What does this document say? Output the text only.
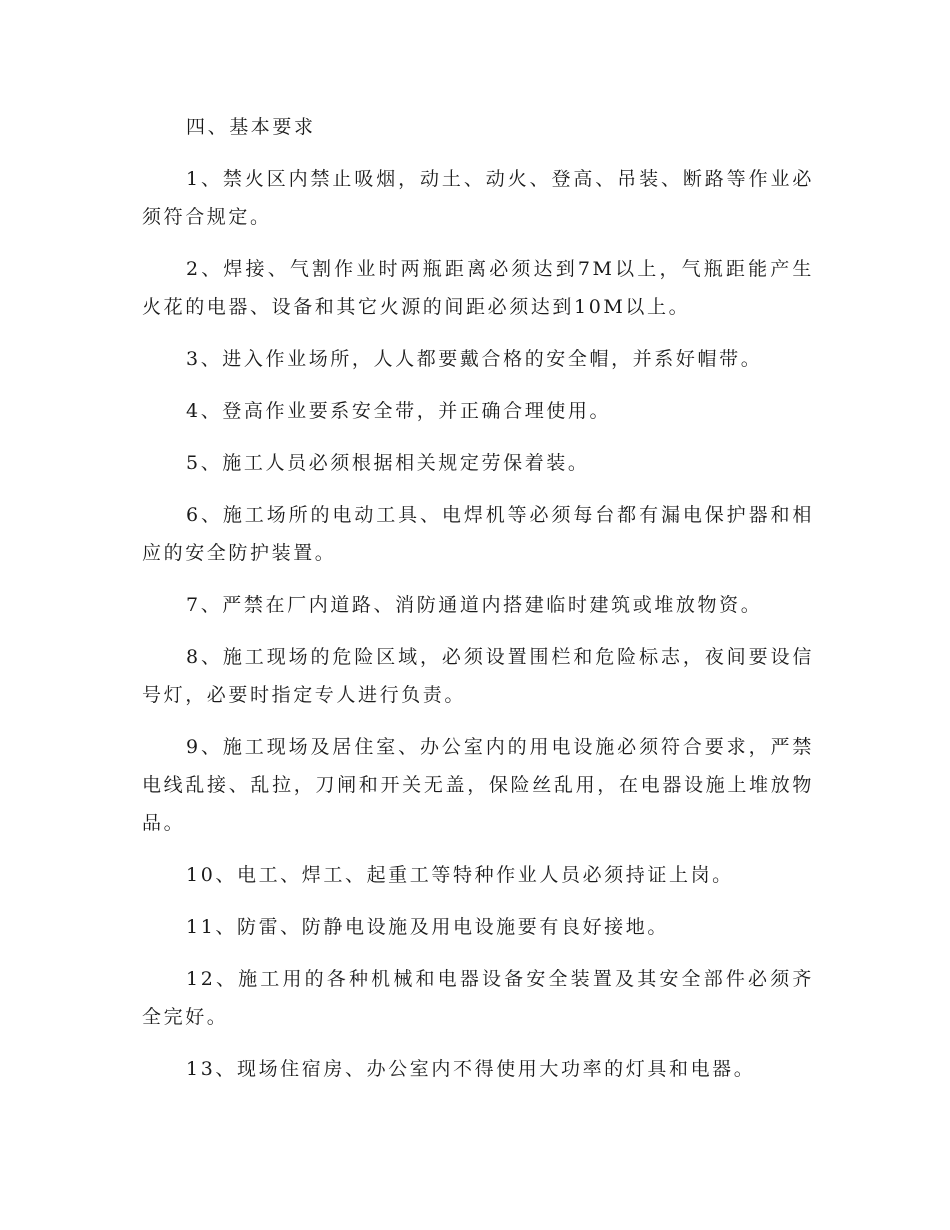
四、基本要求

1、禁火区内禁止吸烟，动土、动火、登高、吊装、断路等作业必须符合规定。

2、焊接、气割作业时两瓶距离必须达到7M以上，气瓶距能产生火花的电器、设备和其它火源的间距必须达到10M以上。

3、进入作业场所，人人都要戴合格的安全帽，并系好帽带。

4、登高作业要系安全带，并正确合理使用。

5、施工人员必须根据相关规定劳保着装。

6、施工场所的电动工具、电焊机等必须每台都有漏电保护器和相应的安全防护装置。

7、严禁在厂内道路、消防通道内搭建临时建筑或堆放物资。

8、施工现场的危险区域，必须设置围栏和危险标志，夜间要设信号灯，必要时指定专人进行负责。

9、施工现场及居住室、办公室内的用电设施必须符合要求，严禁电线乱接、乱拉，刀闸和开关无盖，保险丝乱用，在电器设施上堆放物品。

10、电工、焊工、起重工等特种作业人员必须持证上岗。

11、防雷、防静电设施及用电设施要有良好接地。

12、施工用的各种机械和电器设备安全装置及其安全部件必须齐全完好。

13、现场住宿房、办公室内不得使用大功率的灯具和电器。
